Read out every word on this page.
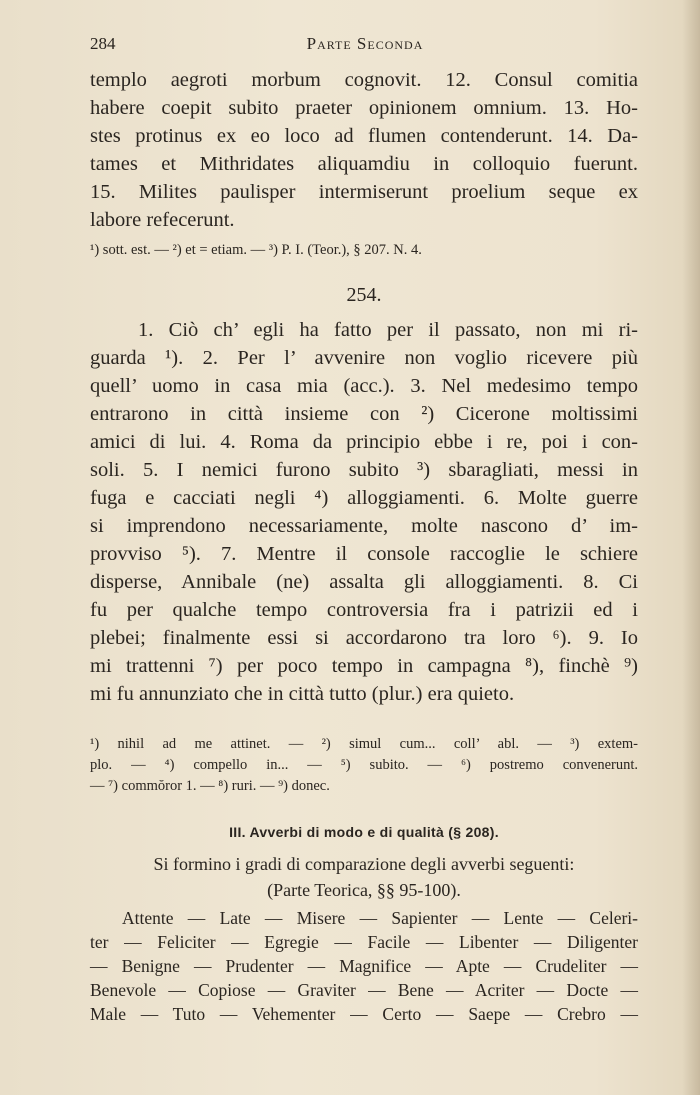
284	Parte Seconda
templo aegroti morbum cognovit. 12. Consul comitia
habere coepit subito praeter opinionem omnium. 13. Ho-
stes protinus ex eo loco ad flumen contenderunt. 14. Da-
tames et Mithridates aliquamdiu in colloquio fuerunt.
15. Milites paulisper intermiserunt proelium seque ex
labore refecerunt.
¹) sott. est. — ²) et = etiam. — ³) P. I. (Teor.), § 207. N. 4.
254.
1. Ciò ch’ egli ha fatto per il passato, non mi ri-
guarda ¹). 2. Per l’ avvenire non voglio ricevere più
quell’ uomo in casa mia (acc.). 3. Nel medesimo tempo
entrarono in città insieme con ²) Cicerone moltissimi
amici di lui. 4. Roma da principio ebbe i re, poi i con-
soli. 5. I nemici furono subito ³) sbaragliati, messi in
fuga e cacciati negli ⁴) alloggiamenti. 6. Molte guerre
si imprendono necessariamente, molte nascono d’ im-
provviso ⁵). 7. Mentre il console raccoglie le schiere
disperse, Annibale (ne) assalta gli alloggiamenti. 8. Ci
fu per qualche tempo controversia fra i patrizii ed i
plebei; finalmente essi si accordarono tra loro ⁶). 9. Io
mi trattenni ⁷) per poco tempo in campagna ⁸), finchè ⁹)
mi fu annunziato che in città tutto (plur.) era quieto.
¹) nihil ad me attinet. — ²) simul cum... coll’ abl. — ³) extem-
plo. — ⁴) compello in... — ⁵) subito. — ⁶) postremo convenerunt.
— ⁷) commŏror 1. — ⁸) ruri. — ⁹) donec.
III. Avverbi di modo e di qualità (§ 208).
Si formino i gradi di comparazione degli avverbi seguenti:
(Parte Teorica, §§ 95-100).
Attente — Late — Misere — Sapienter — Lente — Celeri-
ter — Feliciter — Egregie — Facile — Libenter — Diligenter
— Benigne — Prudenter — Magnifice — Apte — Crudeliter —
Benevole — Copiose — Graviter — Bene — Acriter — Docte —
Male — Tuto — Vehementer — Certo — Saepe — Crebro —
